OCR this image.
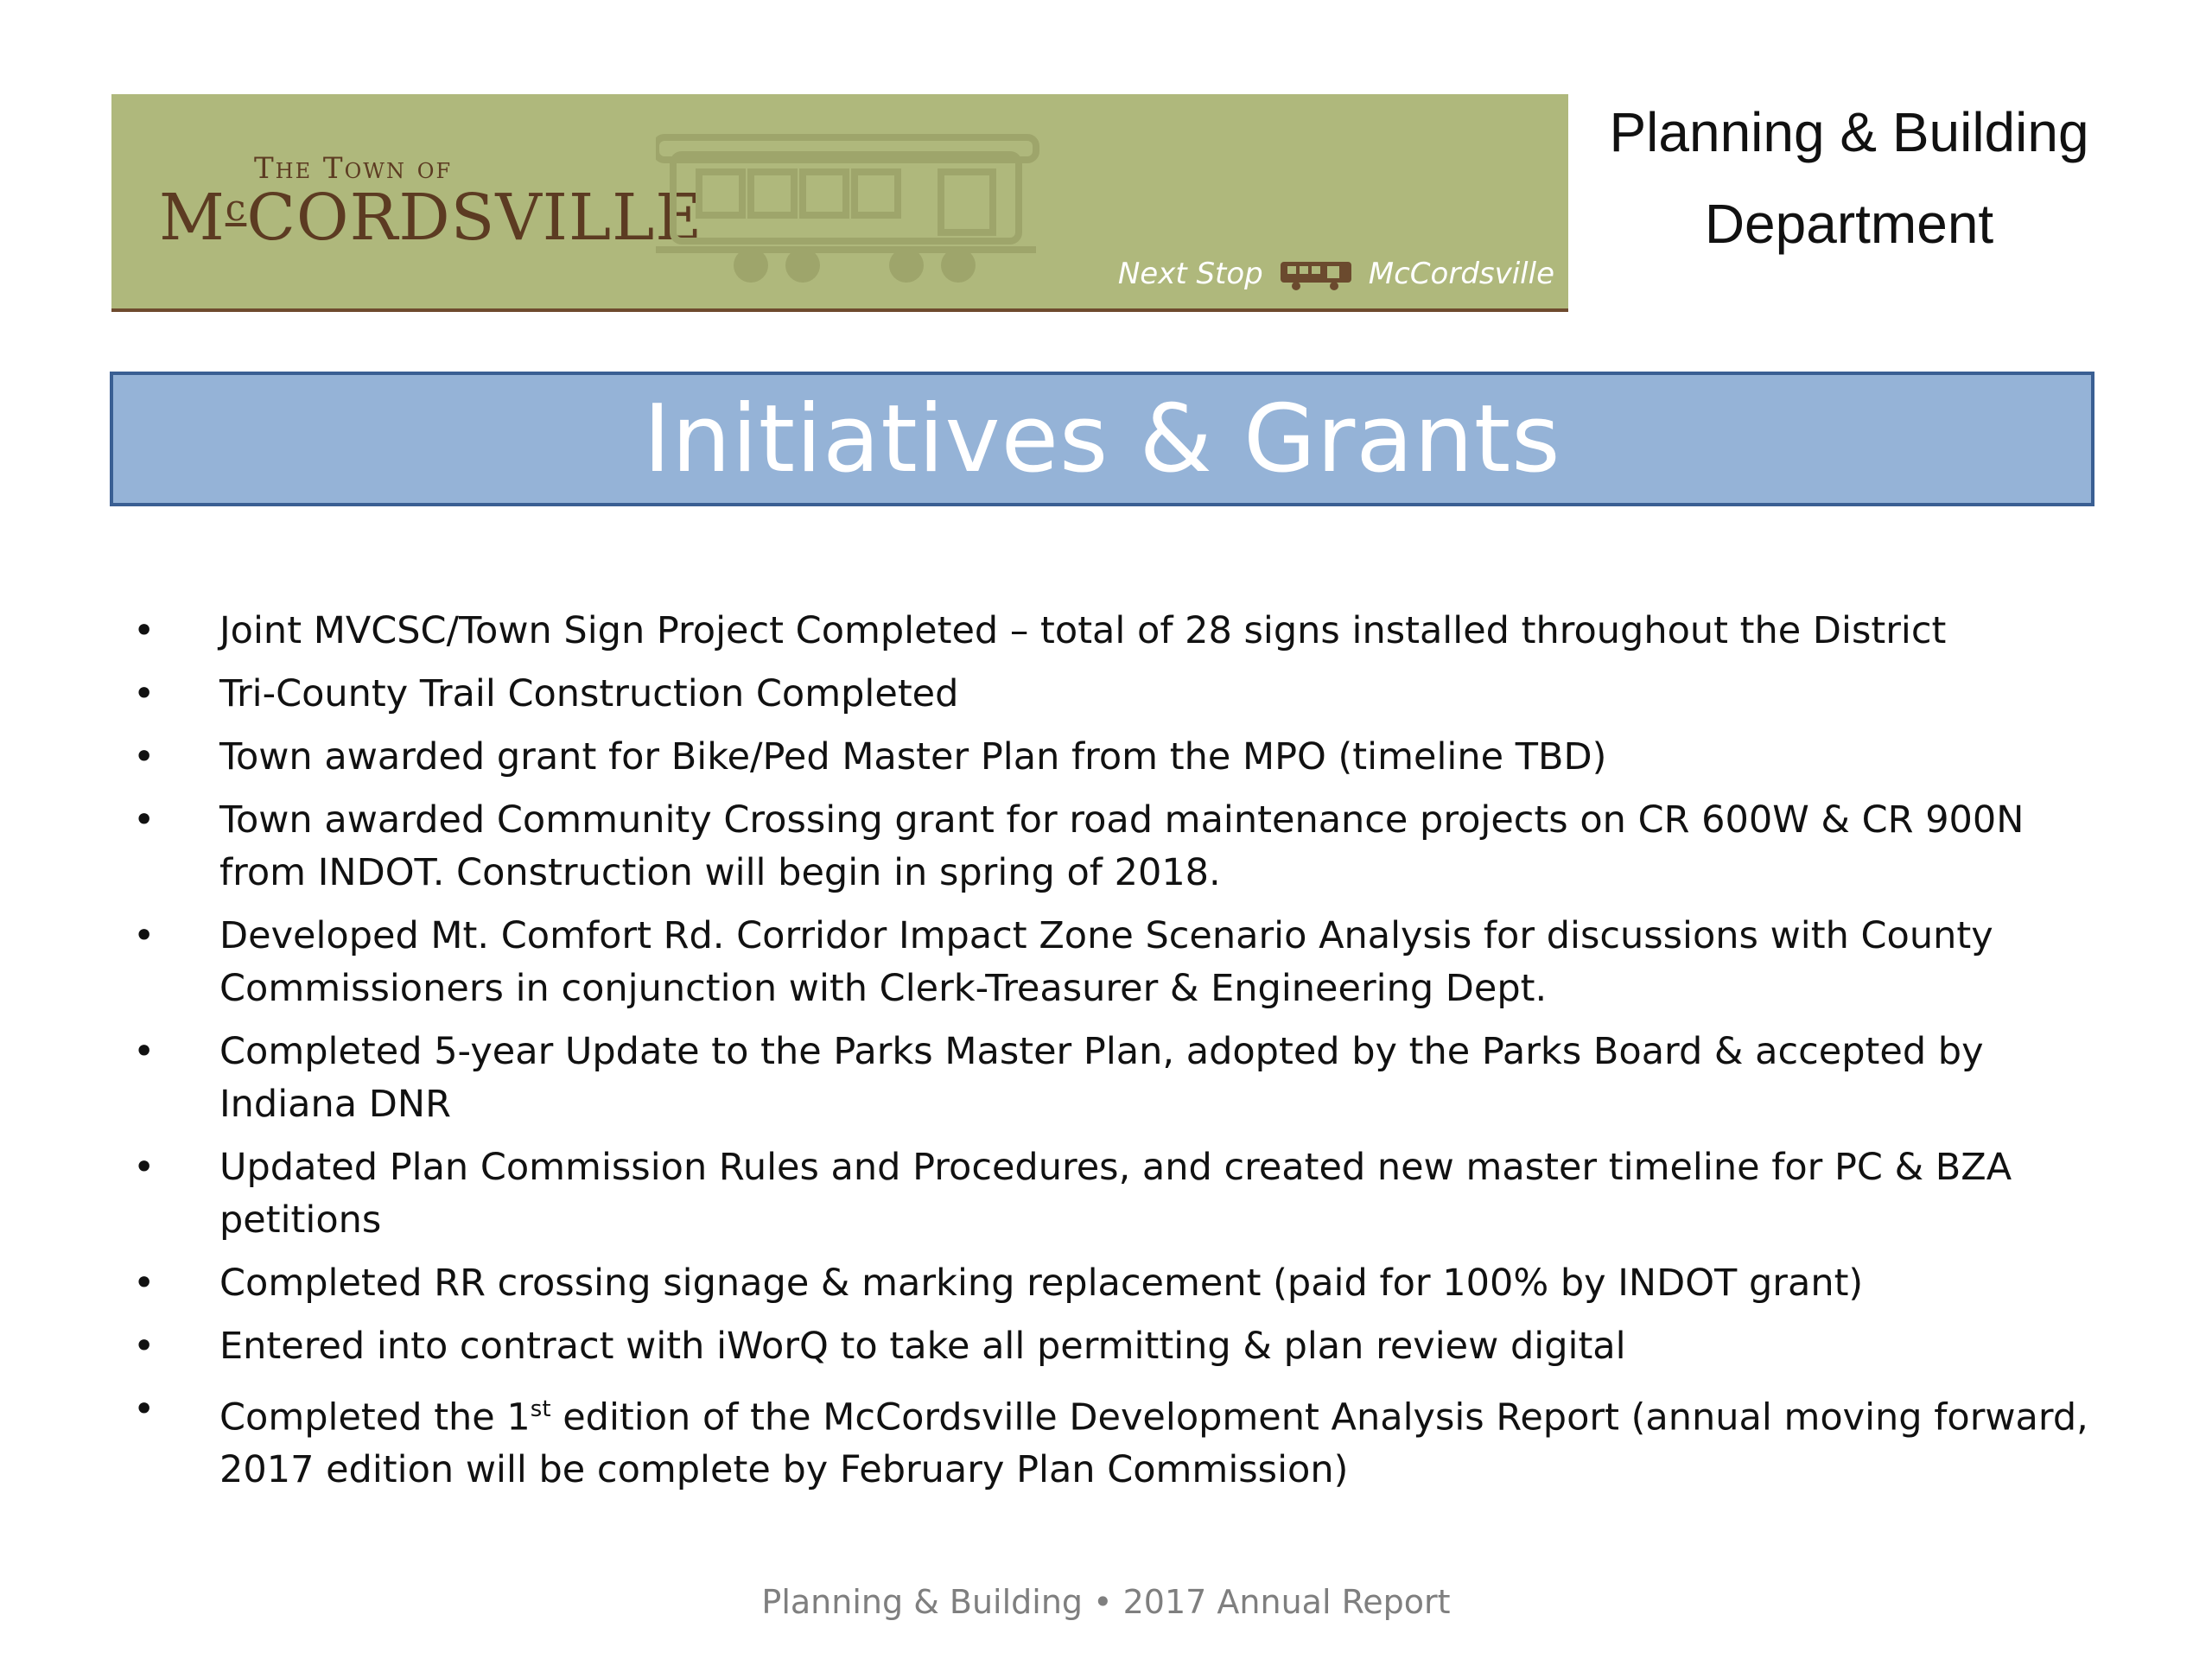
The Town of
$M^cCORDSVILLE$
Next Stop	McCordsville
Planning & Building
Department
Initiatives & Grants
• Joint MVCSC/Town Sign Project Completed – total of 28 signs installed throughout the District
• Tri-County Trail Construction Completed
• Town awarded grant for Bike/Ped Master Plan from the MPO (timeline TBD)
• Town awarded Community Crossing grant for road maintenance projects on CR 600W & CR 900N from INDOT. Construction will begin in spring of 2018.
• Developed Mt. Comfort Rd. Corridor Impact Zone Scenario Analysis for discussions with County Commissioners in conjunction with Clerk-Treasurer & Engineering Dept.
• Completed 5-year Update to the Parks Master Plan, adopted by the Parks Board & accepted by Indiana DNR
• Updated Plan Commission Rules and Procedures, and created new master timeline for PC & BZA petitions
• Completed RR crossing signage & marking replacement (paid for 100% by INDOT grant)
• Entered into contract with iWorQ to take all permitting & plan review digital
• Completed the 1st edition of the McCordsville Development Analysis Report (annual moving forward, 2017 edition will be complete by February Plan Commission)
Planning & Building • 2017 Annual Report
